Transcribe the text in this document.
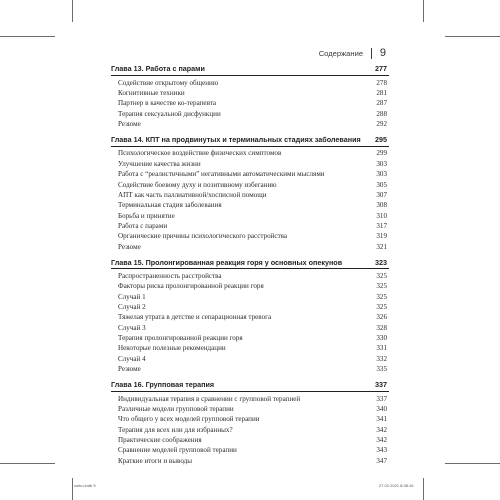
Содержание 9
Глава 13. Работа с парами	277
Содействие открытому общению	278
Когнитивные техники	281
Партнер в качестве ко-терапевта	287
Терапия сексуальной дисфункции	288
Резюме	292
Глава 14. КПТ на продвинутых и терминальных стадиях заболевания 295
Психологическое воздействие физических симптомов	299
Улучшение качества жизни	303
Работа с “реалистичными” негативными автоматическими мыслями	303
Содействие боевому духу и позитивному избеганию	305
АПТ как часть паллиативной/хосписной помощи	307
Терминальная стадия заболевания	308
Борьба и принятие	310
Работа с парами	317
Органические причины психологического расстройства	319
Резюме	321
Глава 15. Пролонгированная реакция горя у основных опекунов	323
Распространенность расстройства	325
Факторы риска пролонгированной реакции горя	325
Случай 1	325
Случай 2	325
Тяжелая утрата в детстве и сепарационная тревога	326
Случай 3	328
Терапия пролонгированной реакции горя	330
Некоторые полезные рекомендации	331
Случай 4	332
Резюме	335
Глава 16. Групповая терапия	337
Индивидуальная терапия в сравнении с групповой терапией	337
Различные модели групповой терапии	340
Что общего у всех моделей групповой терапии	341
Терапия для всех или для избранных?	342
Практические соображения	342
Сравнение моделей групповой терапии	343
Краткие итоги и выводы	347
cmko.indb 9	27.02.2021 8:38:16
